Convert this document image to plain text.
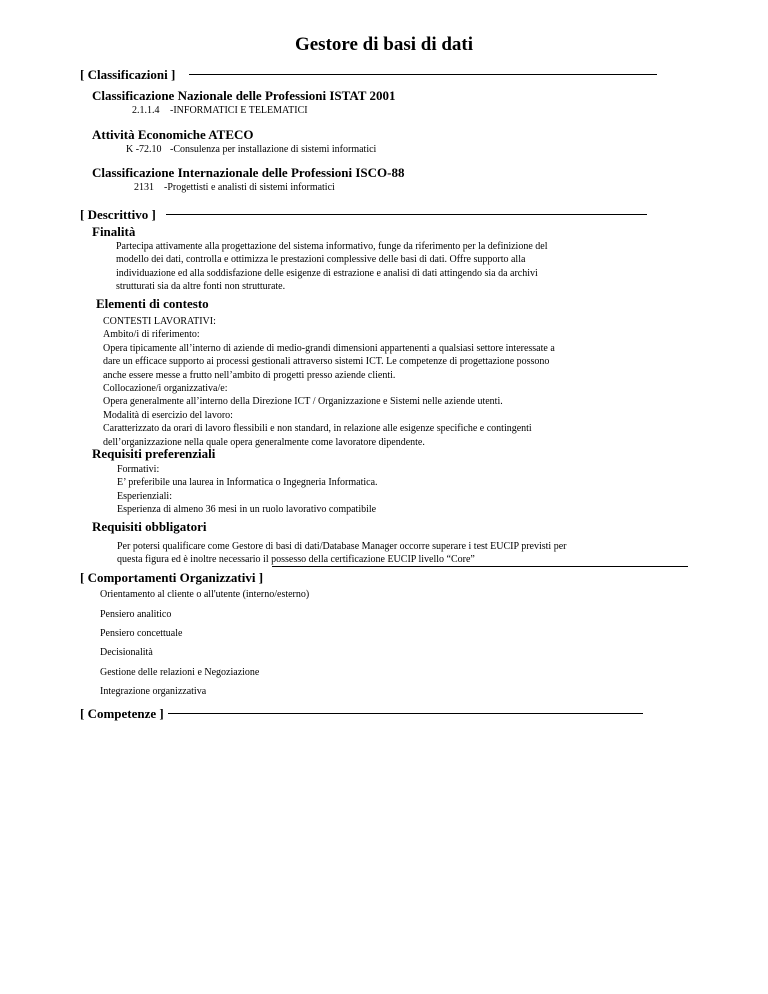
Gestore di basi di dati
[ Classificazioni ]
Classificazione Nazionale delle Professioni ISTAT 2001
2.1.1.4 -INFORMATICI E TELEMATICI
Attività Economiche ATECO
K -72.10 -Consulenza per installazione di sistemi informatici
Classificazione Internazionale delle Professioni ISCO-88
2131 -Progettisti e analisti di sistemi informatici
[ Descrittivo ]
Finalità
Partecipa attivamente alla progettazione del sistema informativo, funge da riferimento per la definizione del
modello dei dati, controlla e ottimizza le prestazioni complessive delle basi di dati. Offre supporto alla
individuazione ed alla soddisfazione delle esigenze di estrazione e analisi di dati attingendo sia da archivi
strutturati sia da altre fonti non strutturate.
Elementi di contesto
CONTESTI LAVORATIVI:
Ambito/i di riferimento:
Opera tipicamente all’interno di aziende di medio-grandi dimensioni appartenenti a qualsiasi settore interessate a
dare un efficace supporto ai processi gestionali attraverso sistemi ICT. Le competenze di progettazione possono
anche essere messe a frutto nell’ambito di progetti presso aziende clienti.
Collocazione/i organizzativa/e:
Opera generalmente all’interno della Direzione ICT / Organizzazione e Sistemi nelle aziende utenti.
Modalità di esercizio del lavoro:
Caratterizzato da orari di lavoro flessibili e non standard, in relazione alle esigenze specifiche e contingenti
dell’organizzazione nella quale opera generalmente come lavoratore dipendente.
Requisiti preferenziali
Formativi:
E’ preferibile una laurea in Informatica o Ingegneria Informatica.
Esperienziali:
Esperienza di almeno 36 mesi in un ruolo lavorativo compatibile
Requisiti obbligatori
Per potersi qualificare come Gestore di basi di dati/Database Manager occorre superare i test EUCIP previsti per
questa figura ed è inoltre necessario il possesso della certificazione EUCIP livello “Core”
[ Comportamenti Organizzativi ]
Orientamento al cliente o all'utente (interno/esterno)
Pensiero analitico
Pensiero concettuale
Decisionalità
Gestione delle relazioni e Negoziazione
Integrazione organizzativa
[ Competenze ]
